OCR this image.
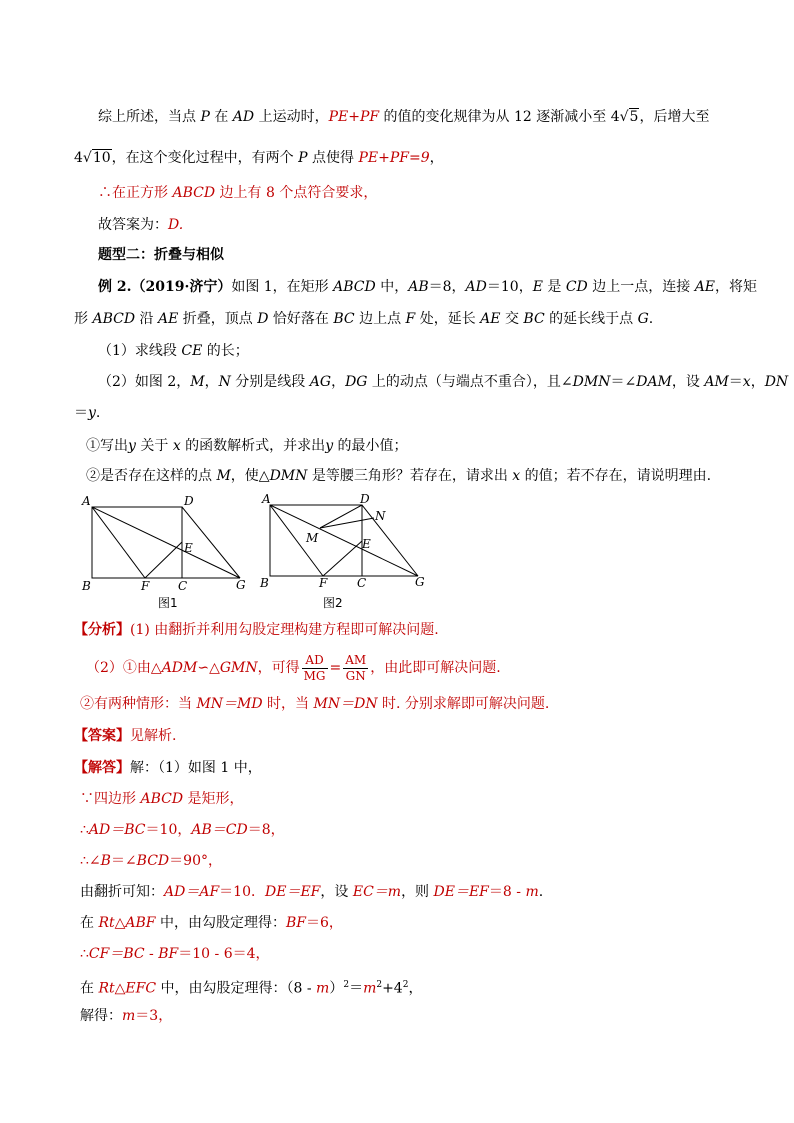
综上所述，当点 P 在 AD 上运动时，PE+PF 的值的变化规律为从 12 逐渐减小至 4√5，后增大至
4√10，在这个变化过程中，有两个 P 点使得 PE+PF=9，
∴在正方形 ABCD 边上有 8 个点符合要求，
故答案为：D.
题型二：折叠与相似
例 2.（2019·济宁）如图 1，在矩形 ABCD 中，AB＝8，AD＝10，E 是 CD 边上一点，连接 AE，将矩
形 ABCD 沿 AE 折叠，顶点 D 恰好落在 BC 边上点 F 处，延长 AE 交 BC 的延长线于点 G.
（1）求线段 CE 的长；
（2）如图 2，M，N 分别是线段 AG，DG 上的动点（与端点不重合），且∠DMN＝∠DAM，设 AM＝x，DN
＝y.
①写出y 关于 x 的函数解析式，并求出y 的最小值；
②是否存在这样的点 M，使△DMN 是等腰三角形？若存在，请求出 x 的值；若不存在，请说明理由.
A
B	C
D
E
F	G
图1
A
B	C
D
E
F	G
M
N
图2
【分析】(1) 由翻折并利用勾股定理构建方程即可解决问题.
（2）①由△ADM∽△GMN，可得 $\frac{AD}{MG} = \frac{AM}{GN}$ ，由此即可解决问题.
②有两种情形：当 MN＝MD 时，当 MN＝DN 时. 分别求解即可解决问题.
【答案】见解析.
【解答】解：（1）如图 1 中，
∵四边形 ABCD 是矩形，
∴AD＝BC＝10，AB＝CD＝8，
∴∠B＝∠BCD＝90°，
由翻折可知：AD＝AF＝10．DE＝EF，设 EC＝m，则 DE＝EF＝8 - m.
在 Rt△ABF 中，由勾股定理得：BF＝6，
∴CF＝BC - BF＝10 - 6＝4，
在 Rt△EFC 中，由勾股定理得：$(8 - m)^2=m^2+4^2$，
解得：m＝3，
